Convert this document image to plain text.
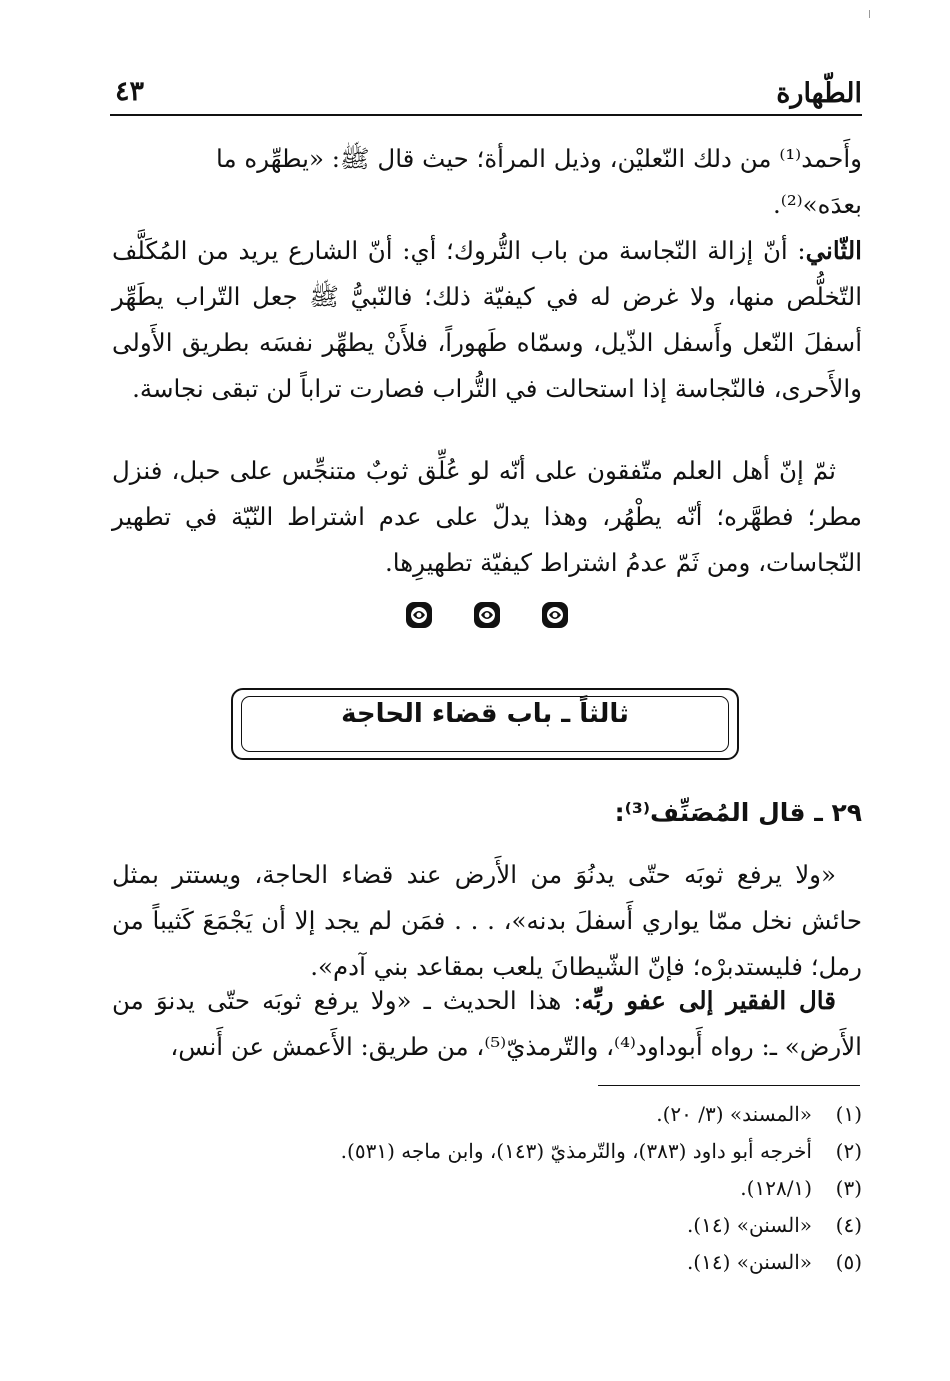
الطّهارة
٤٣

وأَحمد⁽¹⁾ من دلك النّعليْن، وذيل المرأة؛ حيث قال ﷺ: «يطهِّره ما

بعدَه»⁽²⁾.

الثّاني: أنّ إزالة النّجاسة من باب التُّروك؛ أي: أنّ الشارع يريد من المُكَلَّف التّخلُّص منها، ولا غرض له في كيفيّة ذلك؛ فالنّبيُّ ﷺ جعل التّراب يطَهِّر أسفلَ النّعل وأَسفل الذّيل، وسمّاه طَهوراً، فلأَنْ يطهِّر نفسَه بطريق الأَولى والأَحرى، فالنّجاسة إذا استحالت في التُّراب فصارت تراباً لن تبقى نجاسة.

ثمّ إنّ أهل العلم متّفقون على أنّه لو عُلِّق ثوبٌ متنجِّس على حبل، فنزل مطر؛ فطهَّره؛ أنّه يطْهُر، وهذا يدلّ على عدم اشتراط النّيّة في تطهير النّجاسات، ومن ثَمّ عدمُ اشتراط كيفيّة تطهيرِها.

ثالثاً ـ باب قضاء الحاجة
٢٩ ـ قال المُصَنِّف⁽³⁾:

«ولا يرفع ثوبَه حتّى يدنُوَ من الأَرض عند قضاء الحاجة، ويستتر بمثل حائش نخل ممّا يواري أَسفلَ بدنه»، . . . فمَن لم يجد إلا أن يَجْمَعَ كَثيباً من رمل؛ فليستدبرْه؛ فإنّ الشّيطانَ يلعب بمقاعد بني آدم».

قال الفقير إلى عفو ربِّه: هذا الحديث ـ «ولا يرفع ثوبَه حتّى يدنوَ من الأَرض» ـ: رواه أَبوداود⁽⁴⁾، والتّرمذيّ⁽⁵⁾، من طريق: الأَعمش عن أَنس،

(١)
«المسند» (٣/ ٢٠).
(٢)
أخرجه أبو داود (٣٨٣)، والتّرمذيّ (١٤٣)، وابن ماجه (٥٣١).
(٣)
(١٢٨/١).
(٤)
«السنن» (١٤).
(٥)
«السنن» (١٤).
